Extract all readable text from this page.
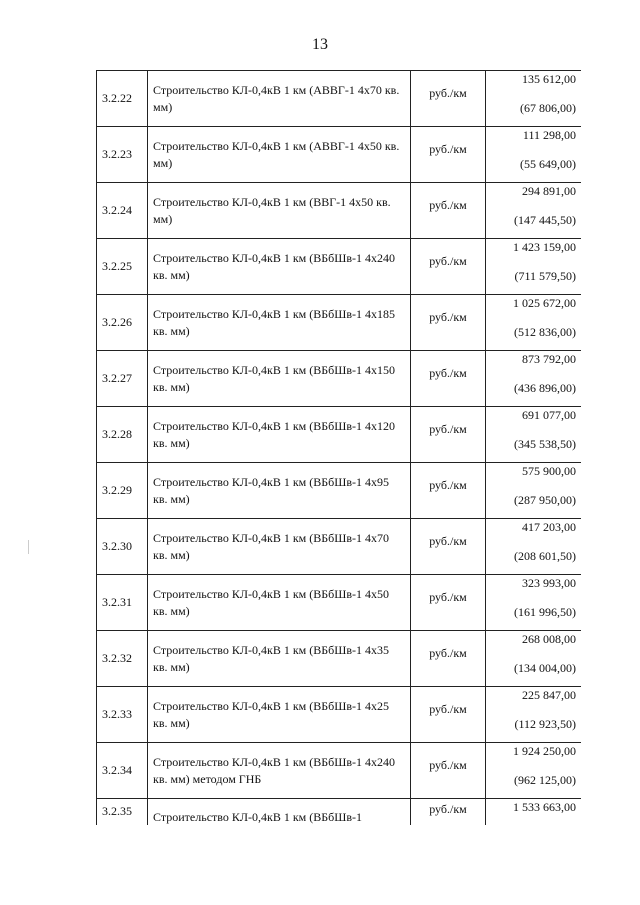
13
3.2.22	Строительство КЛ-0,4кВ 1 км (АВВГ-1 4х70 кв. мм)	руб./км	135 612,00
(67 806,00)

3.2.23	Строительство КЛ-0,4кВ 1 км (АВВГ-1 4х50 кв. мм)	руб./км	111 298,00
(55 649,00)

3.2.24	Строительство КЛ-0,4кВ 1 км (ВВГ-1 4х50 кв. мм)	руб./км	294 891,00
(147 445,50)

3.2.25	Строительство КЛ-0,4кВ 1 км (ВБбШв-1 4х240 кв. мм)	руб./км	1 423 159,00
(711 579,50)

3.2.26	Строительство КЛ-0,4кВ 1 км (ВБбШв-1 4х185 кв. мм)	руб./км	1 025 672,00
(512 836,00)

3.2.27	Строительство КЛ-0,4кВ 1 км (ВБбШв-1 4х150 кв. мм)	руб./км	873 792,00
(436 896,00)

3.2.28	Строительство КЛ-0,4кВ 1 км (ВБбШв-1 4х120 кв. мм)	руб./км	691 077,00
(345 538,50)

3.2.29	Строительство КЛ-0,4кВ 1 км (ВБбШв-1 4х95 кв. мм)	руб./км	575 900,00
(287 950,00)

3.2.30	Строительство КЛ-0,4кВ 1 км (ВБбШв-1 4х70 кв. мм)	руб./км	417 203,00
(208 601,50)

3.2.31	Строительство КЛ-0,4кВ 1 км (ВБбШв-1 4х50 кв. мм)	руб./км	323 993,00
(161 996,50)

3.2.32	Строительство КЛ-0,4кВ 1 км (ВБбШв-1 4х35 кв. мм)	руб./км	268 008,00
(134 004,00)

3.2.33	Строительство КЛ-0,4кВ 1 км (ВБбШв-1 4х25 кв. мм)	руб./км	225 847,00
(112 923,50)

3.2.34	Строительство КЛ-0,4кВ 1 км (ВБбШв-1 4х240 кв. мм) методом ГНБ	руб./км	1 924 250,00
(962 125,00)

3.2.35	Строительство КЛ-0,4кВ 1 км (ВБбШв-1	руб./км	1 533 663,00
